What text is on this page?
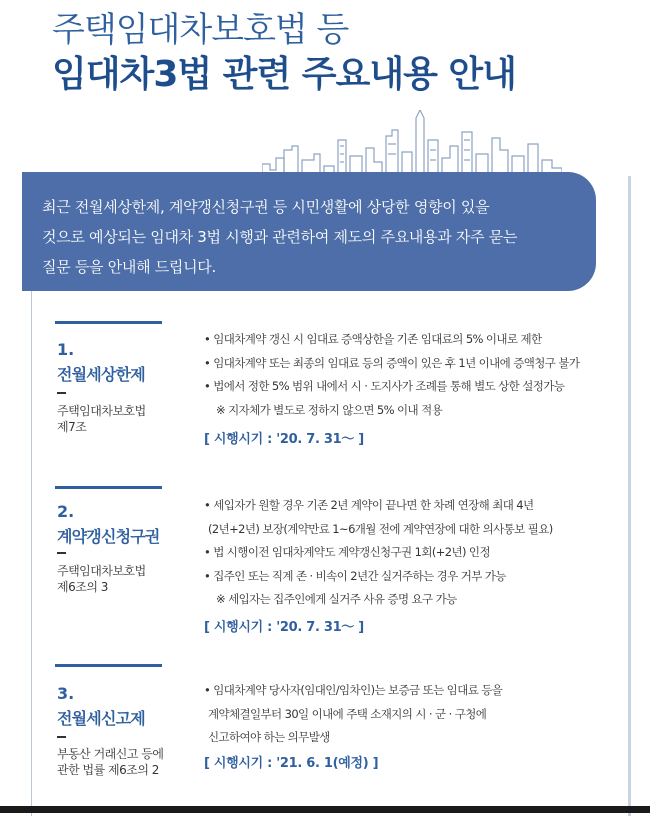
주택임대차보호법 등
임대차3법 관련 주요내용 안내
최근 전월세상한제, 계약갱신청구권 등 시민생활에 상당한 영향이 있을
것으로 예상되는 임대차 3법 시행과 관련하여 제도의 주요내용과 자주 묻는
질문 등을 안내해 드립니다.
1.
전월세상한제
주택임대차보호법
제7조
• 임대차계약 갱신 시 임대료 증액상한을 기존 임대료의 5% 이내로 제한
• 임대차계약 또는 최종의 임대료 등의 증액이 있은 후 1년 이내에 증액청구 불가
• 법에서 정한 5% 범위 내에서 시 · 도지사가 조례를 통해 별도 상한 설정가능
※ 지자체가 별도로 정하지 않으면 5% 이내 적용
[ 시행시기 : '20. 7. 31～ ]
2.
계약갱신청구권
주택임대차보호법
제6조의 3
• 세입자가 원할 경우 기존 2년 계약이 끝나면 한 차례 연장해 최대 4년
(2년+2년) 보장(계약만료 1~6개월 전에 계약연장에 대한 의사통보 필요)
• 법 시행이전 임대차계약도 계약갱신청구권 1회(+2년) 인정
• 집주인 또는 직계 존 · 비속이 2년간 실거주하는 경우 거부 가능
※ 세입자는 집주인에게 실거주 사유 증명 요구 가능
[ 시행시기 : '20. 7. 31～ ]
3.
전월세신고제
부동산 거래신고 등에
관한 법률 제6조의 2
• 임대차계약 당사자(임대인/임차인)는 보증금 또는 임대료 등을
계약체결일부터 30일 이내에 주택 소재지의 시 · 군 · 구청에
신고하여야 하는 의무발생
[ 시행시기 : '21. 6. 1(예정) ]
